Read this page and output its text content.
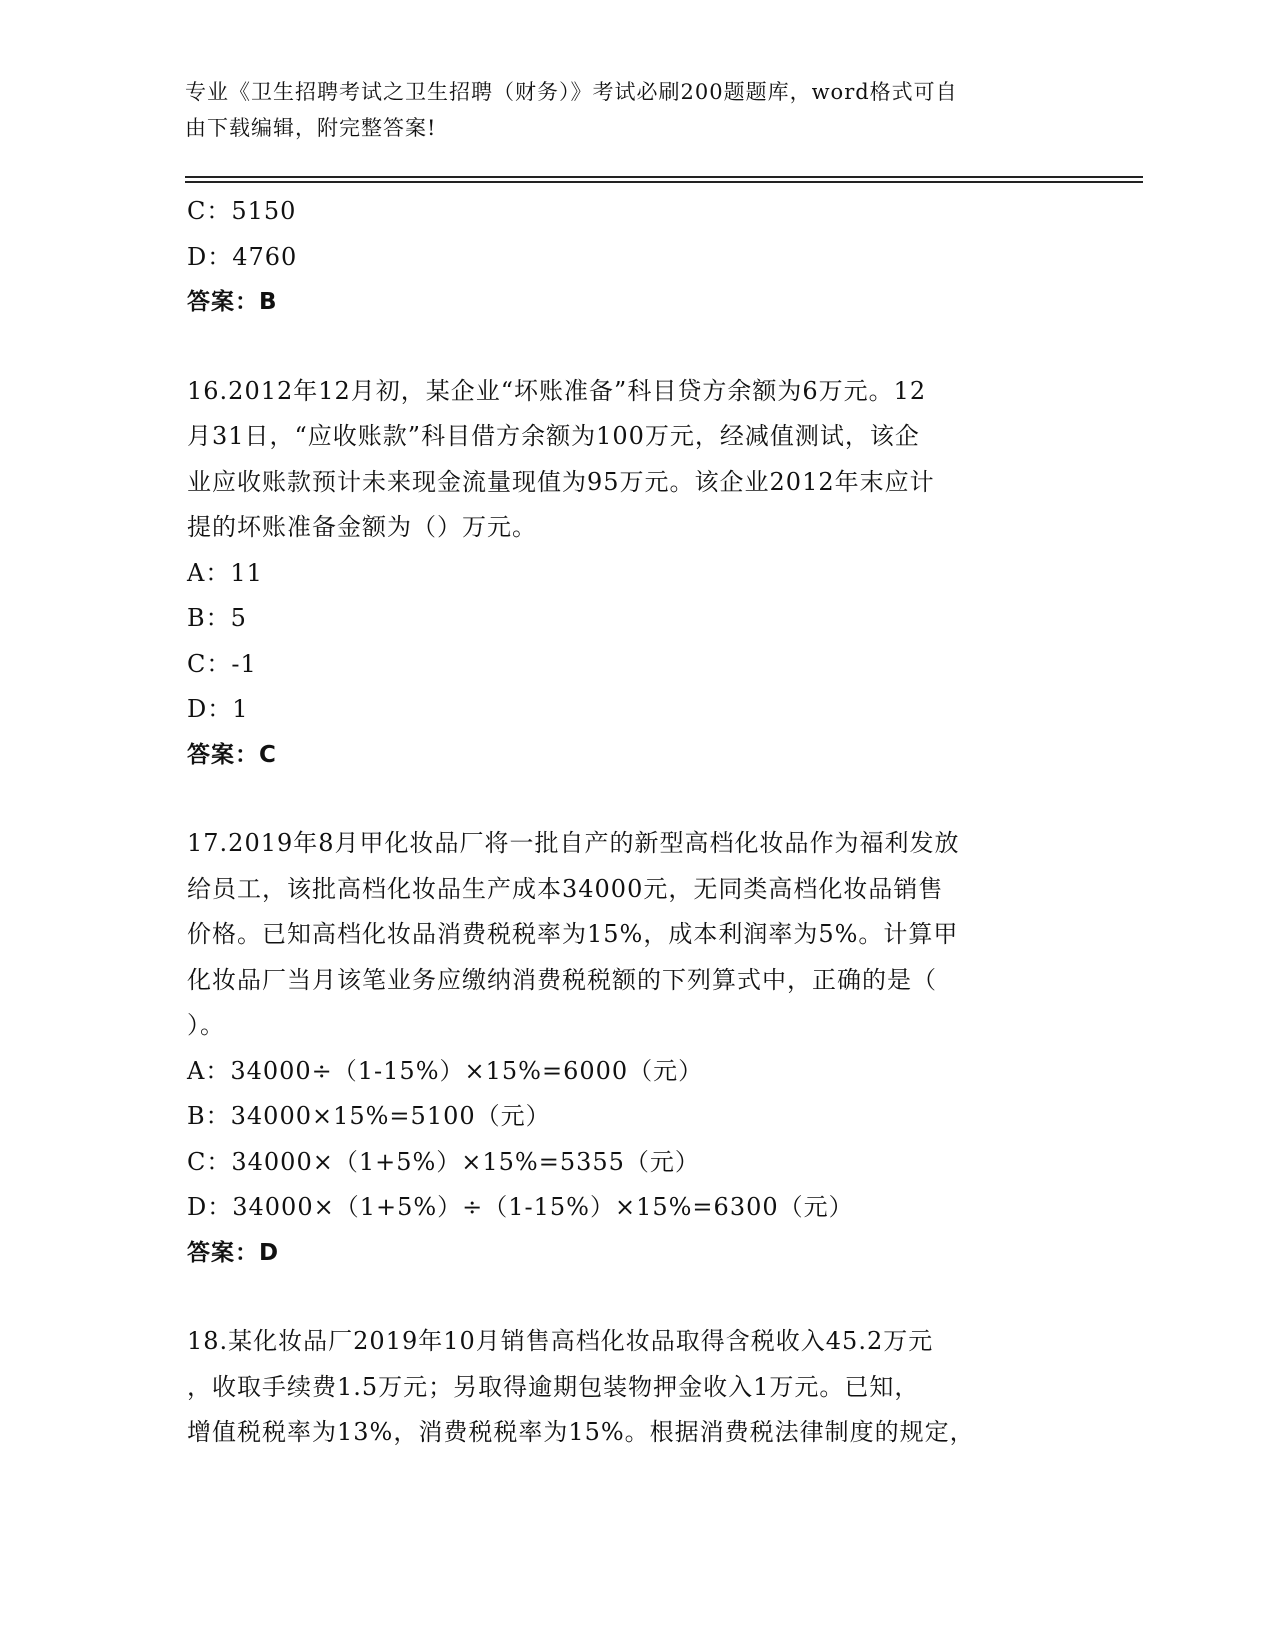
专业《卫生招聘考试之卫生招聘（财务）》考试必刷200题题库，word格式可自
由下载编辑，附完整答案!
C：5150
D：4760
答案：B
16.2012年12月初，某企业“坏账准备”科目贷方余额为6万元。12
月31日，“应收账款”科目借方余额为100万元，经减值测试，该企
业应收账款预计未来现金流量现值为95万元。该企业2012年末应计
提的坏账准备金额为（）万元。
A：11
B：5
C：-1
D：1
答案：C
17.2019年8月甲化妆品厂将一批自产的新型高档化妆品作为福利发放
给员工，该批高档化妆品生产成本34000元，无同类高档化妆品销售
价格。已知高档化妆品消费税税率为15%，成本利润率为5%。计算甲
化妆品厂当月该笔业务应缴纳消费税税额的下列算式中，正确的是（
）。
A：34000÷（1-15%）×15%=6000（元）
B：34000×15%=5100（元）
C：34000×（1+5%）×15%=5355（元）
D：34000×（1+5%）÷（1-15%）×15%=6300（元）
答案：D
18.某化妆品厂2019年10月销售高档化妆品取得含税收入45.2万元
，收取手续费1.5万元；另取得逾期包装物押金收入1万元。已知，
增值税税率为13%，消费税税率为15%。根据消费税法律制度的规定，
